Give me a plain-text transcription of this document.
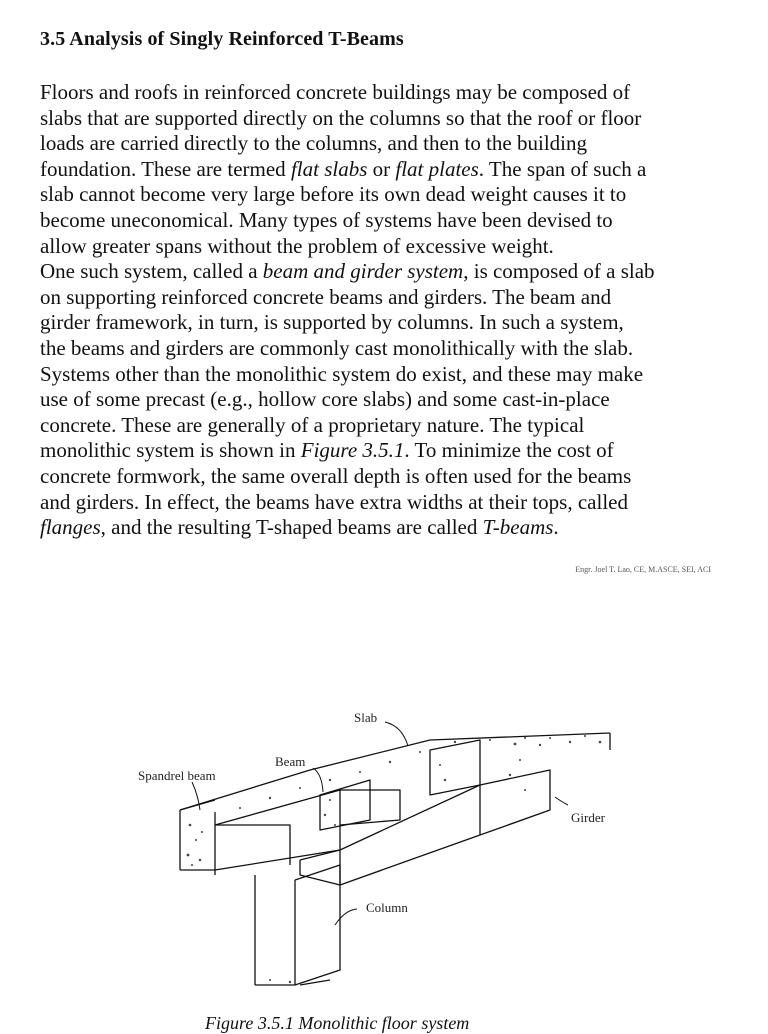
3.5 Analysis of Singly Reinforced T-Beams
Floors and roofs in reinforced concrete buildings may be composed of
slabs that are supported directly on the columns so that the roof or floor
loads are carried directly to the columns, and then to the building
foundation. These are termed flat slabs or flat plates. The span of such a
slab cannot become very large before its own dead weight causes it to
become uneconomical. Many types of systems have been devised to
allow greater spans without the problem of excessive weight.
One such system, called a beam and girder system, is composed of a slab
on supporting reinforced concrete beams and girders. The beam and
girder framework, in turn, is supported by columns. In such a system,
the beams and girders are commonly cast monolithically with the slab.
Systems other than the monolithic system do exist, and these may make
use of some precast (e.g., hollow core slabs) and some cast-in-place
concrete. These are generally of a proprietary nature. The typical
monolithic system is shown in Figure 3.5.1. To minimize the cost of
concrete formwork, the same overall depth is often used for the beams
and girders. In effect, the beams have extra widths at their tops, called
flanges, and the resulting T-shaped beams are called T-beams.
Engr. Joel T. Lao, CE, M.ASCE, SEI, ACI
Slab
Beam
Spandrel beam
Girder
Column
Figure 3.5.1 Monolithic floor system
